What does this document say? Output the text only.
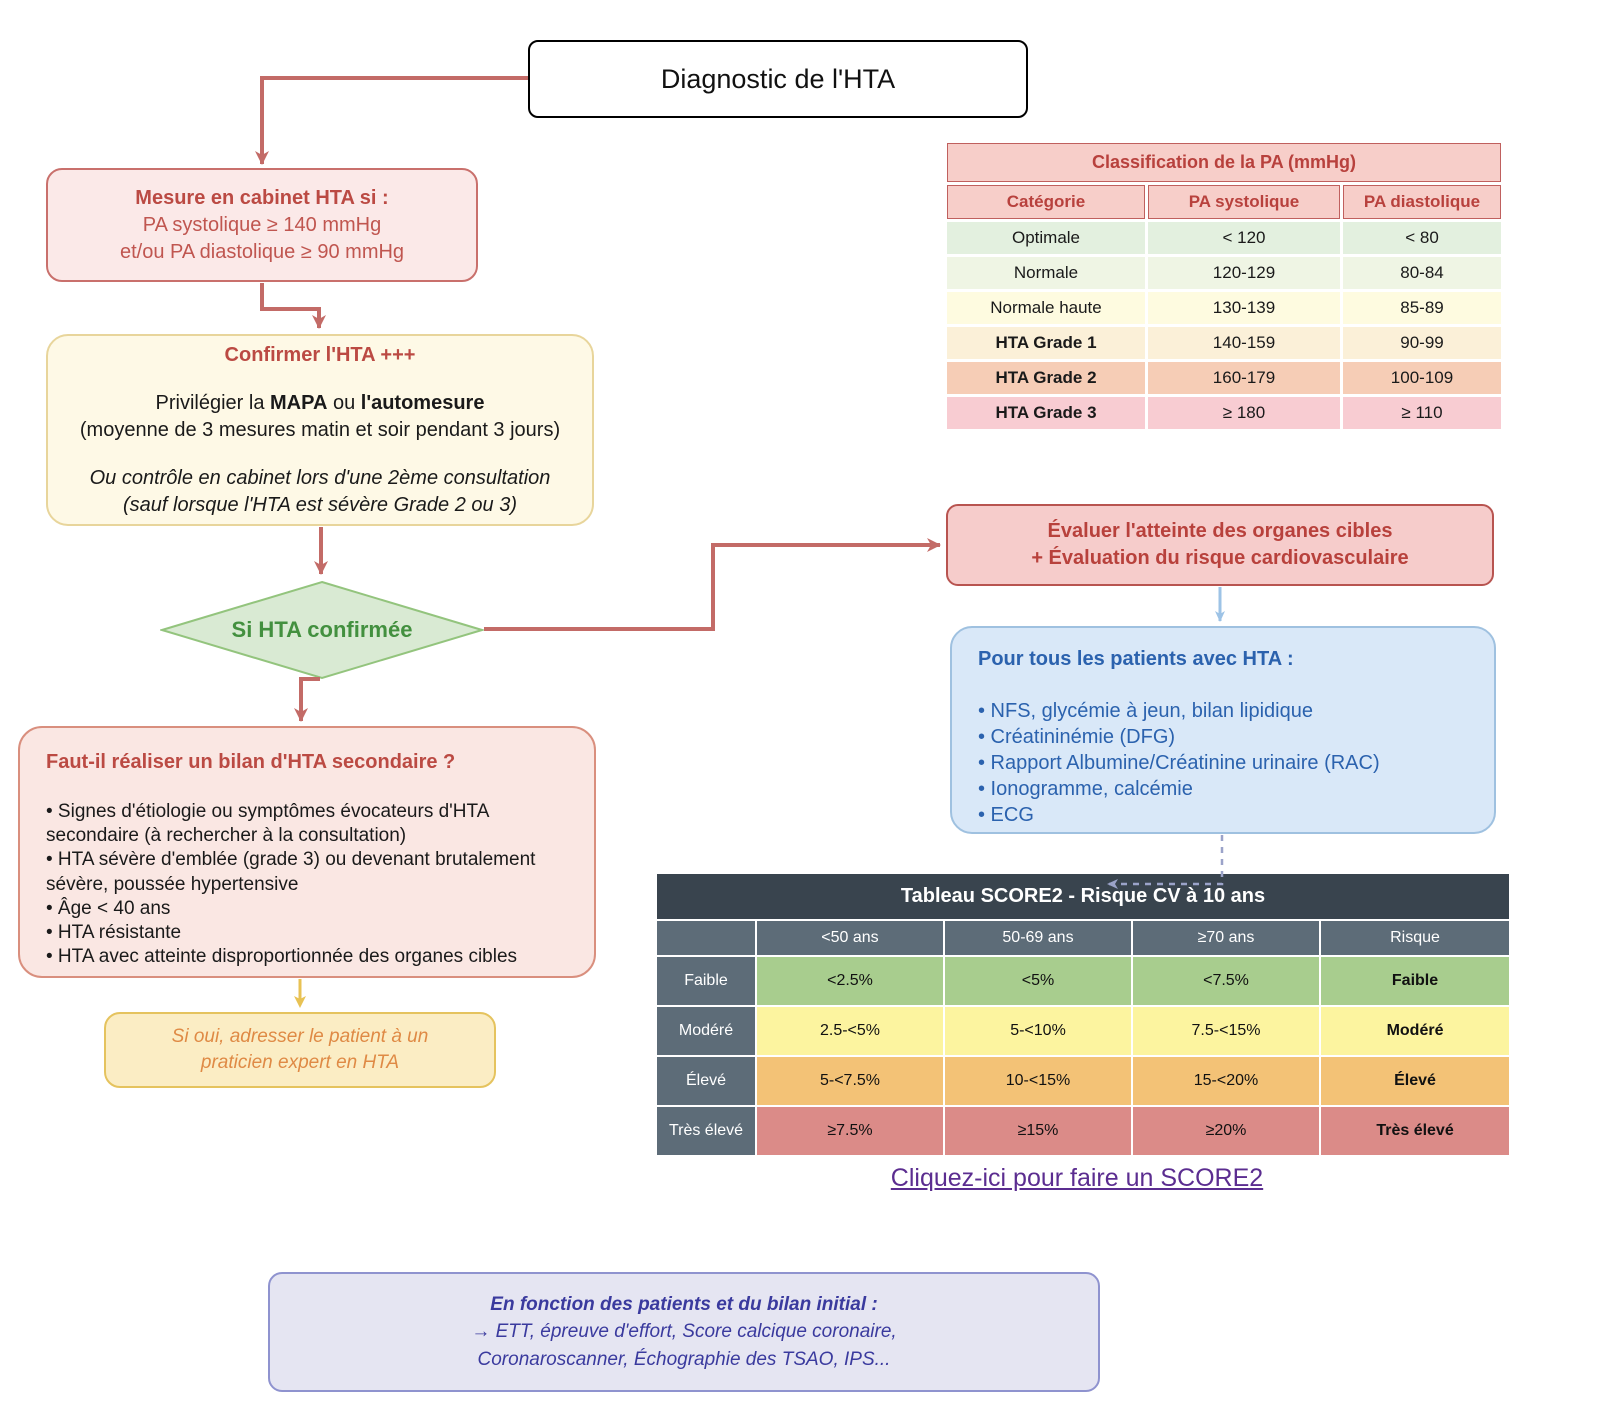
Diagnostic de l'HTA
Mesure en cabinet HTA si :
PA systolique ≥ 140 mmHg
et/ou PA diastolique ≥ 90 mmHg
Confirmer l'HTA +++
Privilégier la MAPA ou l'automesure
(moyenne de 3 mesures matin et soir pendant 3 jours)
Ou contrôle en cabinet lors d'une 2ème consultation
(sauf lorsque l'HTA est sévère Grade 2 ou 3)
Si HTA confirmée
Faut-il réaliser un bilan d'HTA secondaire ?
• Signes d'étiologie ou symptômes évocateurs d'HTA secondaire (à rechercher à la consultation)
• HTA sévère d'emblée (grade 3) ou devenant brutalement sévère, poussée hypertensive
• Âge < 40 ans
• HTA résistante
• HTA avec atteinte disproportionnée des organes cibles
Si oui, adresser le patient à un
praticien expert en HTA
Classification de la PA (mmHg)		
Catégorie	PA systolique	PA diastolique
Optimale	< 120	< 80
Normale	120-129	80-84
Normale haute	130-139	85-89
HTA Grade 1	140-159	90-99
HTA Grade 2	160-179	100-109
HTA Grade 3	≥ 180	≥ 110
Évaluer l'atteinte des organes cibles
+ Évaluation du risque cardiovasculaire
Pour tous les patients avec HTA :
• NFS, glycémie à jeun, bilan lipidique
• Créatininémie (DFG)
• Rapport Albumine/Créatinine urinaire (RAC)
• Ionogramme, calcémie
• ECG
Tableau SCORE2 - Risque CV à 10 ans				
	<50 ans	50-69 ans	≥70 ans	Risque
Faible	<2.5%	<5%	<7.5%	Faible
Modéré	2.5-<5%	5-<10%	7.5-<15%	Modéré
Élevé	5-<7.5%	10-<15%	15-<20%	Élevé
Très élevé	≥7.5%	≥15%	≥20%	Très élevé
Cliquez-ici pour faire un SCORE2
En fonction des patients et du bilan initial :
→ ETT, épreuve d'effort, Score calcique coronaire,
Coronaroscanner, Échographie des TSAO, IPS...
